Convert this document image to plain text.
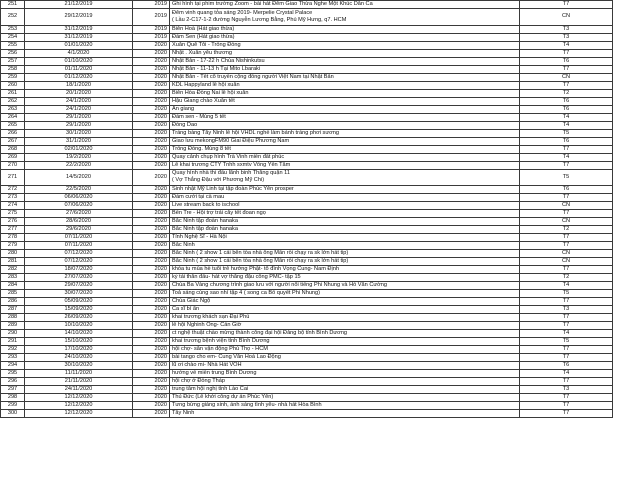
251	21/12/2019	2019	Ghi hình tại phim trường Zoom - bài hát Đêm Giao Thừa Nghe Một Khúc Dân Ca	T7
252	29/12/2019	2019	Đêm vinh quang tỏa sáng 2019- Merpelie Crystal Palace
( Lầu 2-C17-1-2 đường Nguyễn Lương Bằng, Phú Mỹ Hưng, q7. HCM	CN
253	31/12/2019	2019	Biên Hoà (Hát giao thừa)	T3
254	31/12/2019	2019	Đầm Sen (Hát giao thừa)	T3
255	01/01/2020	2020	Xuân Quê Tôi - Trống Đồng	T4
256	4/1/2020	2020	Nhật . Xuân yêu thương	T7
257	01/10/2020	2020	Nhật Bản - 17-22 h Chùa Nishinkutsu	T6
258	01/11/2020	2020	Nhật Bản - 11-13 h Tại Mito Lbaraki	T7
259	01/12/2020	2020	Nhật Bản - Tết cổ truyền cộng đồng người Việt Nam tại Nhật Bản	CN
260	18/1/2020	2020	KDL Happyland lễ hội xuân	T7
261	20/1/2020	2020	Biên Hòa Đồng Nai lễ hội xuân	T2
262	24/1/2020	2020	Hậu Giang chào Xuân tết	T6
263	24/1/2020	2020	An giang	T6
264	29/1/2020	2020	Đầm sen - Mùng 5 tết	T4
265	29/1/2020	2020	Đồng Dao	T4
266	30/1/2020	2020	Tráng bàng Tây Ninh lễ hội VHDL nghề làm bánh tráng phơi sương	T5
267	31/1/2020	2020	Giao lưu mekongFM90 Giai Điệu Phương Nam	T6
268	02/01/2020	2020	Trống Đồng. Mùng 8 tết	T7
269	19/2/2020	2020	Quay cảnh chụp hình Trà Vinh miền đất phúc	T4
270	22/2/2020	2020	Lễ khai trương CTY Tnhh sxmtv Vống Yến Tâm	T7
271	14/5/2020	2020	Quay hình nhà thi đấu lãnh binh Thăng quận 11
( Vợ Thắng Đậu với Phương Mỹ Chi)	T5
272	22/5/2020	2020	Sinh nhật Mỹ Linh tại tập đoàn Phúc Yên prosper	T6
273	06/06/2020	2020	Đám cưới tại cà mau	T7
274	07/06/2020	2020	Live stream back to ischool	CN
275	27/6/2020	2020	Bến Tre - Hội trợ trái cây tết đoan ngọ	T7
276	28/6/2020	2020	Bắc Ninh tập đoàn hanaka	CN
277	29/6/2020	2020	Bắc Ninh tập đoàn hanaka	T2
278	07/11/2020	2020	Tỉnh Nghệ Sĩ - Hà Nội	T7
279	07/11/2020	2020	Bắc Ninh	T7
280	07/12/2020	2020	Bắc Ninh ( 2 show 1 cái bên tòa nhà ông Mẫn rồi chạy ra sk lớn hát tip)	CN
281	07/12/2020	2020	Bắc Ninh ( 2 show 1 cái bên tòa nhà ông Mẫn rồi chạy ra sk lớn hát tip)	CN
282	18/07/2020	2020	khóa tu mùa hè tuổi trẻ hướng Phật- tổ đình Vọng Cung- Nam Định	T7
283	27/07/2020	2020	kỷ tái thân đấu- hát vợ thắng đậu công PMC- tập 15	T2
284	29/07/2020	2020	Chùa Ba Vàng chương trình giao lưu với người nổi tiếng Phi Nhung và Hồ Văn Cường	T4
285	30/07/2020	2020	Toả sáng cùng sao nhí tập 4 ( song ca Bố quyết Phi Nhung)	T5
286	05/09/2020	2020	Chùa Giác Ngộ	T7
287	15/09/2020	2020	Ca sĩ bí ẩn	T3
288	26/09/2020	2020	khai trương khách sạn Đại Phú	T7
289	10/10/2020	2020	lễ hội Nghinh Ông- Cần Giờ	T7
290	14/10/2020	2020	ct nghệ thuật chào mừng thành công đại hội Đảng bộ tỉnh Bình Dương	T4
291	15/10/2020	2020	khai trương bệnh viện tỉnh Bình Dương	T5
292	17/10/2020	2020	hội chợ- sân vận động Phú Thọ - HCM	T7
293	24/10/2020	2020	bài tango cho em- Cung Văn Hoá Lao Động	T7
294	30/10/2020	2020	lũ ơi chào mi- Nhà Hát VOH	T6
295	11/11/2020	2020	hướng về miền trung Bình Dương	T4
296	21/11/2020	2020	hội chợ ở Đồng Tháp	T7
297	24/11/2020	2020	trung tâm hội nghị tỉnh Lào Cai	T3
298	12/12/2020	2020	Thủ Đức (Lễ khởi công dự án Phúc Yên)	T7
299	12/12/2020	2020	Tưng bừng giáng sinh, ánh sáng tình yêu- nhà hát Hòa Bình	T7
300	12/12/2020	2020	Tây Ninh	T7
